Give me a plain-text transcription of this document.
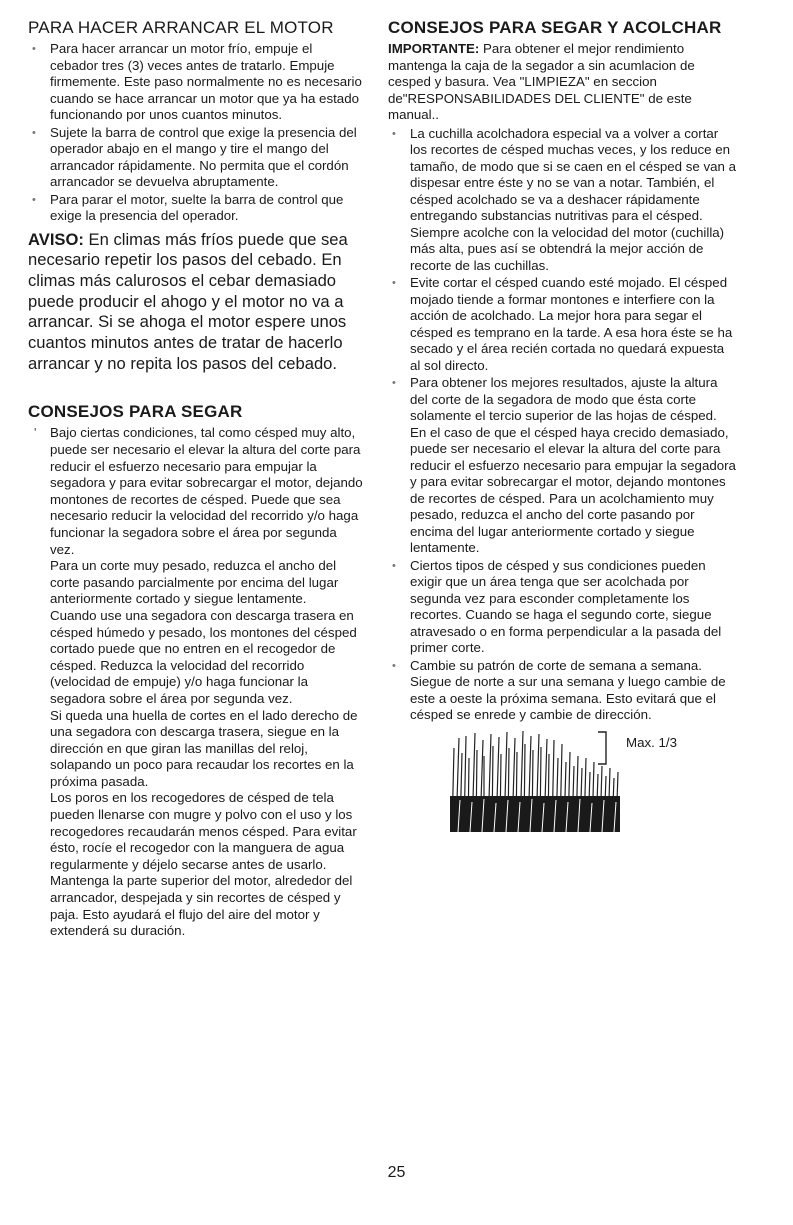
PARA HACER ARRANCAR EL MOTOR
• Para hacer arrancar un motor frío, empuje el cebador tres (3) veces antes de tratarlo. Empuje firmemente. Este paso normalmente no es necesario cuando se hace arrancar un motor que ya ha estado funcionando por unos cuantos minutos.
• Sujete la barra de control que exige la presencia del operador abajo en el mango y tire el mango del arrancador rápidamente. No permita que el cordón arrancador se devuelva abruptamente.
• Para parar el motor, suelte la barra de control que exige la presencia del operador.
AVISO: En climas más fríos puede que sea necesario repetir los pasos del cebado. En climas más calurosos el cebar demasiado puede producir el ahogo y el motor no va a arrancar. Si se ahoga el motor espere unos cuantos minutos antes de tratar de hacerlo arrancar y no repita los pasos del cebado.
CONSEJOS PARA SEGAR

' Bajo ciertas condiciones, tal como césped muy alto, puede ser necesario el elevar la altura del corte para reducir el esfuerzo necesario para empujar la segadora y para evitar sobrecargar el motor, dejando montones de recortes de césped. Puede que sea necesario reducir la velocidad del recorrido y/o haga funcionar la segadora sobre el área por segunda vez.

Para un corte muy pesado, reduzca el ancho del corte pasando parcialmente por encima del lugar anteriormente cortado y siegue lentamente.

Cuando use una segadora con descarga trasera en césped húmedo y pesado, los montones del césped cortado puede que no entren en el recogedor de césped. Reduzca la velocidad del recorrido (velocidad de empuje) y/o haga funcionar la segadora sobre el área por segunda vez.

Si queda una huella de cortes en el lado derecho de una segadora con descarga trasera, siegue en la dirección en que giran las manillas del reloj, solapando un poco para recaudar los recortes en la próxima pasada.

Los poros en los recogedores de césped de tela pueden llenarse con mugre y polvo con el uso y los recogedores recaudarán menos césped. Para evitar ésto, rocíe el recogedor con la manguera de agua regularmente y déjelo secarse antes de usarlo.

Mantenga la parte superior del motor, alrededor del arrancador, despejada y sin recortes de césped y paja. Esto ayudará el flujo del aire del motor y extenderá su duración.

CONSEJOS PARA SEGAR Y ACOLCHAR

IMPORTANTE: Para obtener el mejor rendimiento mantenga la caja de la segador a sin acumlacion de cesped y basura. Vea "LIMPIEZA" en seccion de"RESPONSABILIDADES DEL CLIENTE" de este manual..

• La cuchilla acolchadora especial va a volver a cortar los recortes de césped muchas veces, y los reduce en tamaño, de modo que si se caen en el césped se van a dispesar entre éste y no se van a notar. También, el césped acolchado se va a deshacer rápidamente entregando substancias nutritivas para el césped. Siempre acolche con la velocidad del motor (cuchilla) más alta, pues así se obtendrá la mejor acción de recorte de las cuchillas.
• Evite cortar el césped cuando esté mojado. El césped mojado tiende a formar montones e interfiere con la acción de acolchado. La mejor hora para segar el césped es temprano en la tarde. A esa hora éste se ha secado y el área recién cortada no quedará expuesta al sol directo.
• Para obtener los mejores resultados, ajuste la altura del corte de la segadora de modo que ésta corte solamente el tercio superior de las hojas de césped. En el caso de que el césped haya crecido demasiado, puede ser necesario el elevar la altura del corte para reducir el esfuerzo necesario para empujar la segadora y para evitar sobrecargar el motor, dejando montones de recortes de césped. Para un acolchamiento muy pesado, reduzca el ancho del corte pasando por encima del lugar anteriormente cortado y siegue lentamente.
• Ciertos tipos de césped y sus condiciones pueden exigir que un área tenga que ser acolchada por segunda vez para esconder completamente los recortes. Cuando se haga el segundo corte, siegue atravesado o en forma perpendicular a la pasada del primer corte.
• Cambie su patrón de corte de semana a semana. Siegue de norte a sur una semana y luego cambie de este a oeste la próxima semana. Esto evitará que el césped se enrede y cambie de dirección.
Max. 1/3
25
